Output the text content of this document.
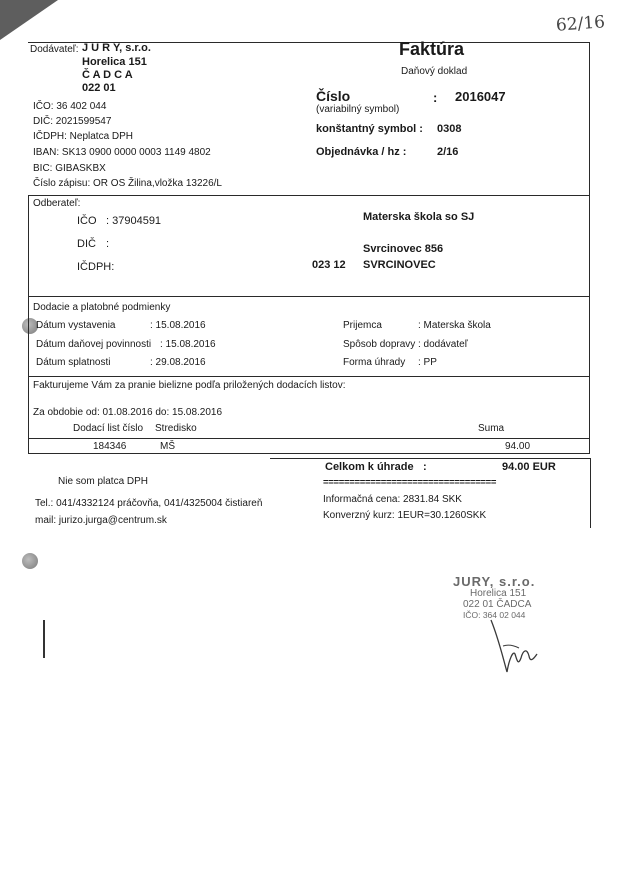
62/16
Dodávateľ: J U R Y, s.r.o.
Horelica 151
Č A D C A
022 01
IČO: 36 402 044
DIČ: 2021599547
IČDPH: Neplatca DPH
IBAN: SK13 0900 0000 0003 1149 4802
BIC: GIBASKBX
Číslo zápisu: OR OS Žilina,vložka 13226/L
Faktúra
Daňový doklad
Číslo
(variabilný symbol)
: 2016047
konštantný symbol : 0308
Objednávka / hz :	2/16
Odberateľ:
IČO : 37904591
DIČ :
IČDPH:
Materska škola so SJ
Svrcinovec 856
023 12 SVRCINOVEC
Dodacie a platobné podmienky
Dátum vystavenia	: 15.08.2016
Dátum daňovej povinnosti : 15.08.2016
Dátum splatnosti	: 29.08.2016
Prijemca	: Materska škola
Spôsob dopravy : dodávateľ
Forma úhrady : PP
Fakturujeme Vám za pranie bielizne podľa priložených dodacích listov:
Za obdobie od: 01.08.2016 do: 15.08.2016
Dodací list číslo Stredisko	Suma
184346	MŠ	94.00
Celkom k úhrade :	94.00 EUR
=================================
Informačná cena: 2831.84 SKK
Konverzný kurz: 1EUR=30.1260SKK
Nie som platca DPH
Tel.: 041/4332124 práčovňa, 041/4325004 čistiareň
mail: jurizo.jurga@centrum.sk
JURY, s.r.o.
Horelica 151
022 01 ČADCA
IČO: 364 02 044
